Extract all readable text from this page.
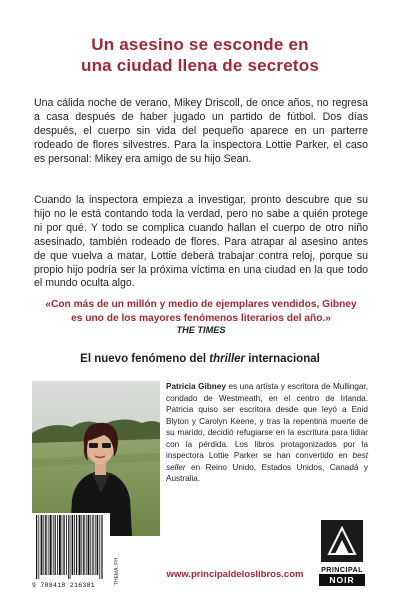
Un asesino se esconde en
una ciudad llena de secretos
Una cálida noche de verano, Mikey Driscoll, de once años, no regresa a casa después de haber jugado un partido de fútbol. Dos días después, el cuerpo sin vida del pequeño aparece en un parterre rodeado de flores silvestres. Para la inspectora Lottie Parker, el caso es personal: Mikey era amigo de su hijo Sean.
Cuando la inspectora empieza a investigar, pronto descubre que su hijo no le está contando toda la verdad, pero no sabe a quién protege ni por qué. Y todo se complica cuando hallan el cuerpo de otro niño asesinado, también rodeado de flores. Para atrapar al asesino antes de que vuelva a matar, Lottie deberá trabajar contra reloj, porque su propio hijo podría ser la próxima víctima en una ciudad en la que todo el mundo oculta algo.
«Con más de un millón y medio de ejemplares vendidos, Gibney
es uno de los mayores fenómenos literarios del año.»
THE TIMES
El nuevo fenómeno del thriller internacional
Patricia Gibney es una artista y escritora de Mullingar, condado de Westmeath, en el centro de Irlanda. Patricia quiso ser escritora desde que leyó a Enid Blyton y Carolyn Keene, y tras la repentina muerte de su marido, decidió refugiarse en la escritura para lidiar con la pérdida. Los libros protagonizados por la inspectora Lottie Parker se han convertido en best seller en Reino Unido, Estados Unidos, Canadá y Australia.
9 788418 216381
THEMA: FH	www.principaldeloslibros.com	PRINCIPAL
NOIR
